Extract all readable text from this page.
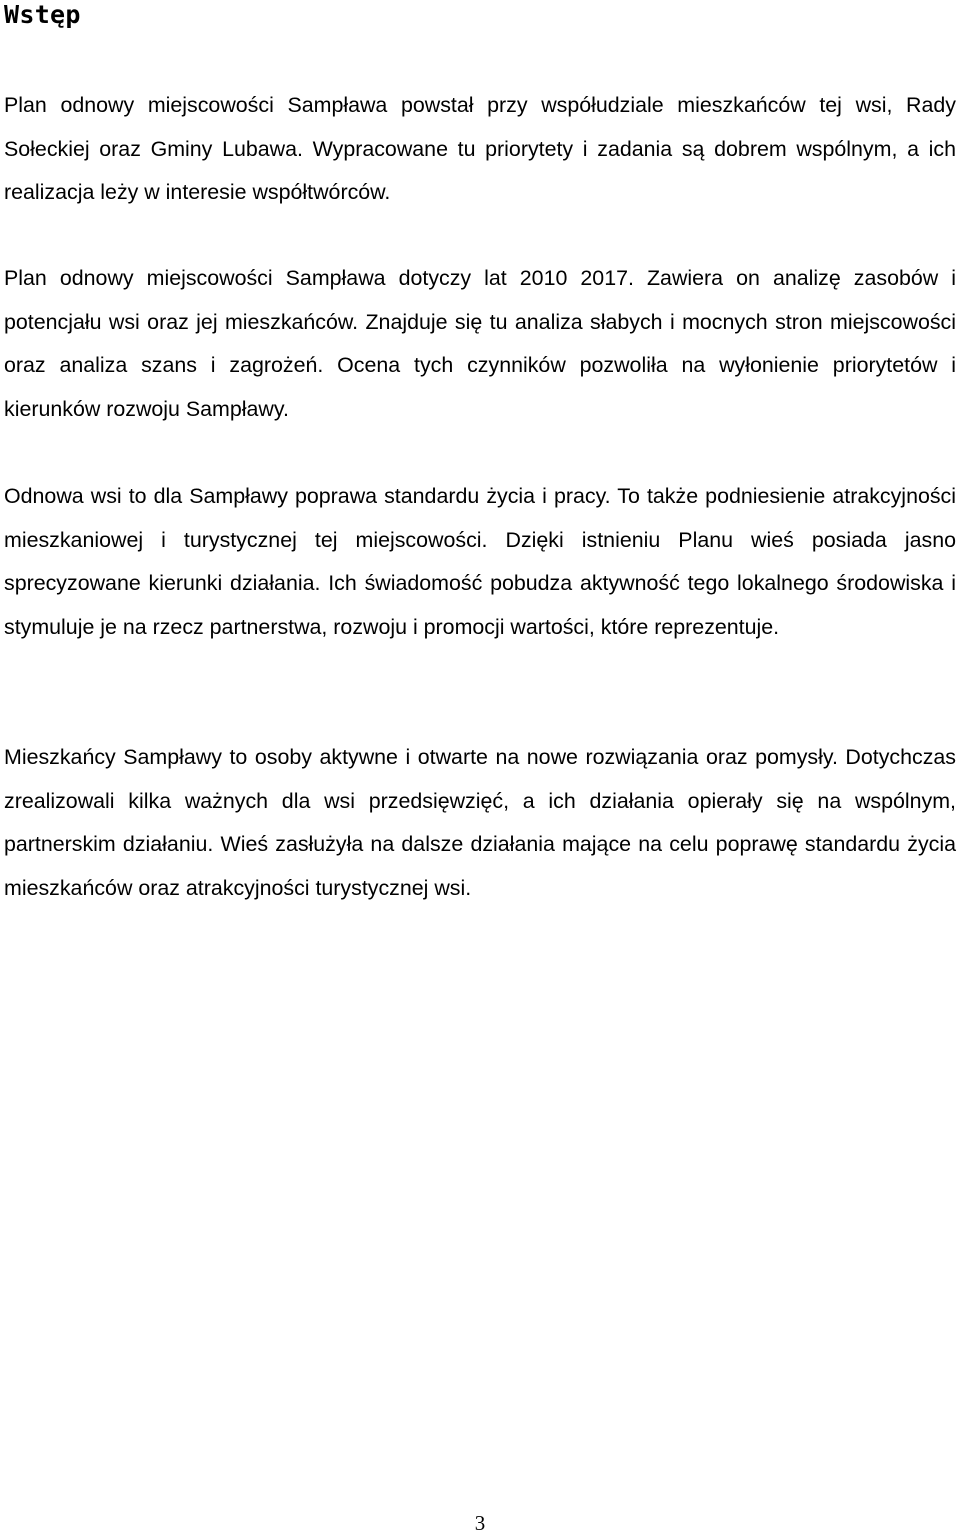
Wstęp

Plan odnowy miejscowości Sampława powstał przy współudziale mieszkańców tej wsi, Rady Sołeckiej oraz Gminy Lubawa. Wypracowane tu priorytety i zadania są dobrem wspólnym, a ich realizacja leży w interesie współtwórców.

Plan odnowy miejscowości Sampława dotyczy lat 2010 2017. Zawiera on analizę zasobów i potencjału wsi oraz jej mieszkańców. Znajduje się tu analiza słabych i mocnych stron miejscowości oraz analiza szans i zagrożeń. Ocena tych czynników pozwoliła na wyłonienie priorytetów i kierunków rozwoju Sampławy.

Odnowa wsi to dla Sampławy poprawa standardu życia i pracy. To także podniesienie atrakcyjności mieszkaniowej i turystycznej tej miejscowości. Dzięki istnieniu Planu wieś posiada jasno sprecyzowane kierunki działania. Ich świadomość pobudza aktywność tego lokalnego środowiska i stymuluje je na rzecz partnerstwa, rozwoju i promocji wartości, które reprezentuje.

Mieszkańcy Sampławy to osoby aktywne i otwarte na nowe rozwiązania oraz pomysły. Dotychczas zrealizowali kilka ważnych dla wsi przedsięwzięć, a ich działania opierały się na wspólnym, partnerskim działaniu. Wieś zasłużyła na dalsze działania mające na celu poprawę standardu życia mieszkańców oraz atrakcyjności turystycznej wsi.

3
